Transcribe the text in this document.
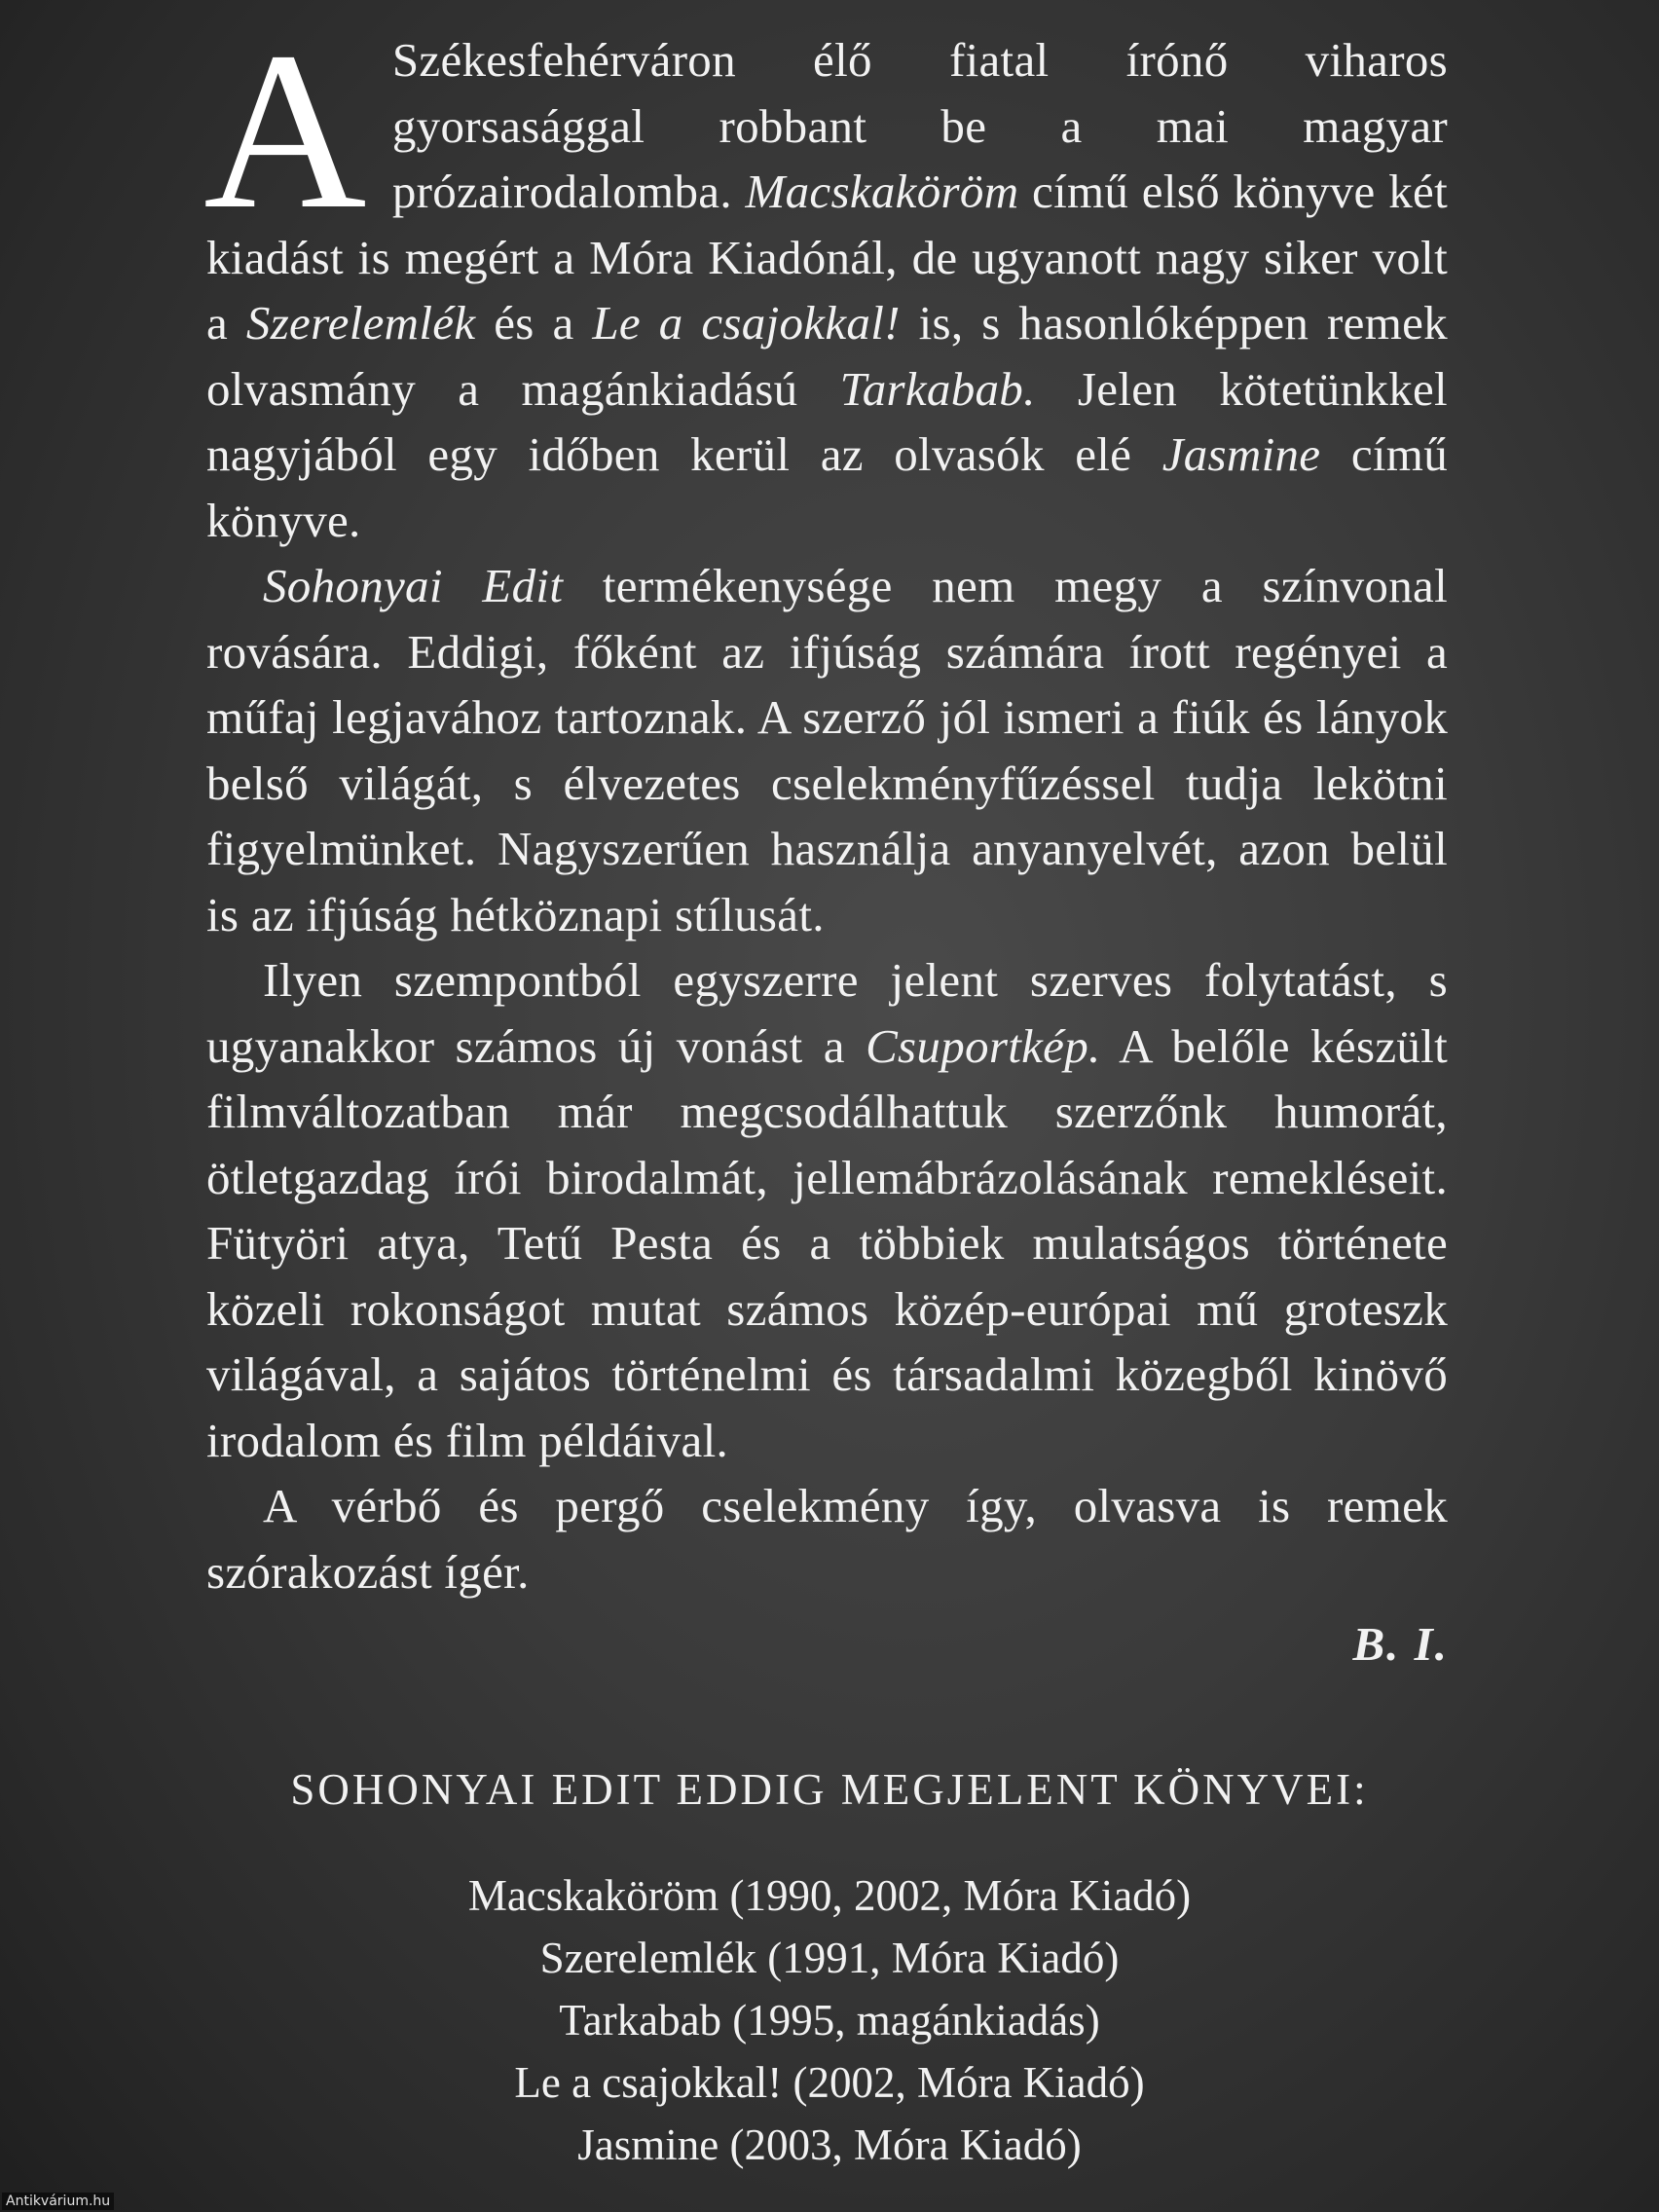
A Székesfehérváron élő fiatal írónő viharos gyorsasággal robbant be a mai magyar prózairodalomba. Macskaköröm című első könyve két kiadást is megért a Móra Kiadónál, de ugyanott nagy siker volt a Szerelemlék és a Le a csajokkal! is, s hasonlóképpen remek olvasmány a magánkiadású Tarkabab. Jelen kötetünkkel nagyjából egy időben kerül az olvasók elé Jasmine című könyve.

Sohonyai Edit termékenysége nem megy a színvonal rovására. Eddigi, főként az ifjúság számára írott regényei a műfaj legjavához tartoznak. A szerző jól ismeri a fiúk és lányok belső világát, s élvezetes cselekményfűzéssel tudja lekötni figyelmünket. Nagyszerűen használja anyanyelvét, azon belül is az ifjúság hétköznapi stílusát.

Ilyen szempontból egyszerre jelent szerves folytatást, s ugyanakkor számos új vonást a Csuportkép. A belőle készült filmváltozatban már megcsodálhattuk szerzőnk humorát, ötletgazdag írói birodalmát, jellemábrázolásának remekléseit. Fütyöri atya, Tetű Pesta és a többiek mulatságos története közeli rokonságot mutat számos közép-európai mű groteszk világával, a sajátos történelmi és társadalmi közegből kinövő irodalom és film példáival.

A vérbő és pergő cselekmény így, olvasva is remek szórakozást ígér.

B. I.
SOHONYAI EDIT EDDIG MEGJELENT KÖNYVEI:
Macskaköröm (1990, 2002, Móra Kiadó)
Szerelemlék (1991, Móra Kiadó)
Tarkabab (1995, magánkiadás)
Le a csajokkal! (2002, Móra Kiadó)
Jasmine (2003, Móra Kiadó)
Antikvárium.hu
